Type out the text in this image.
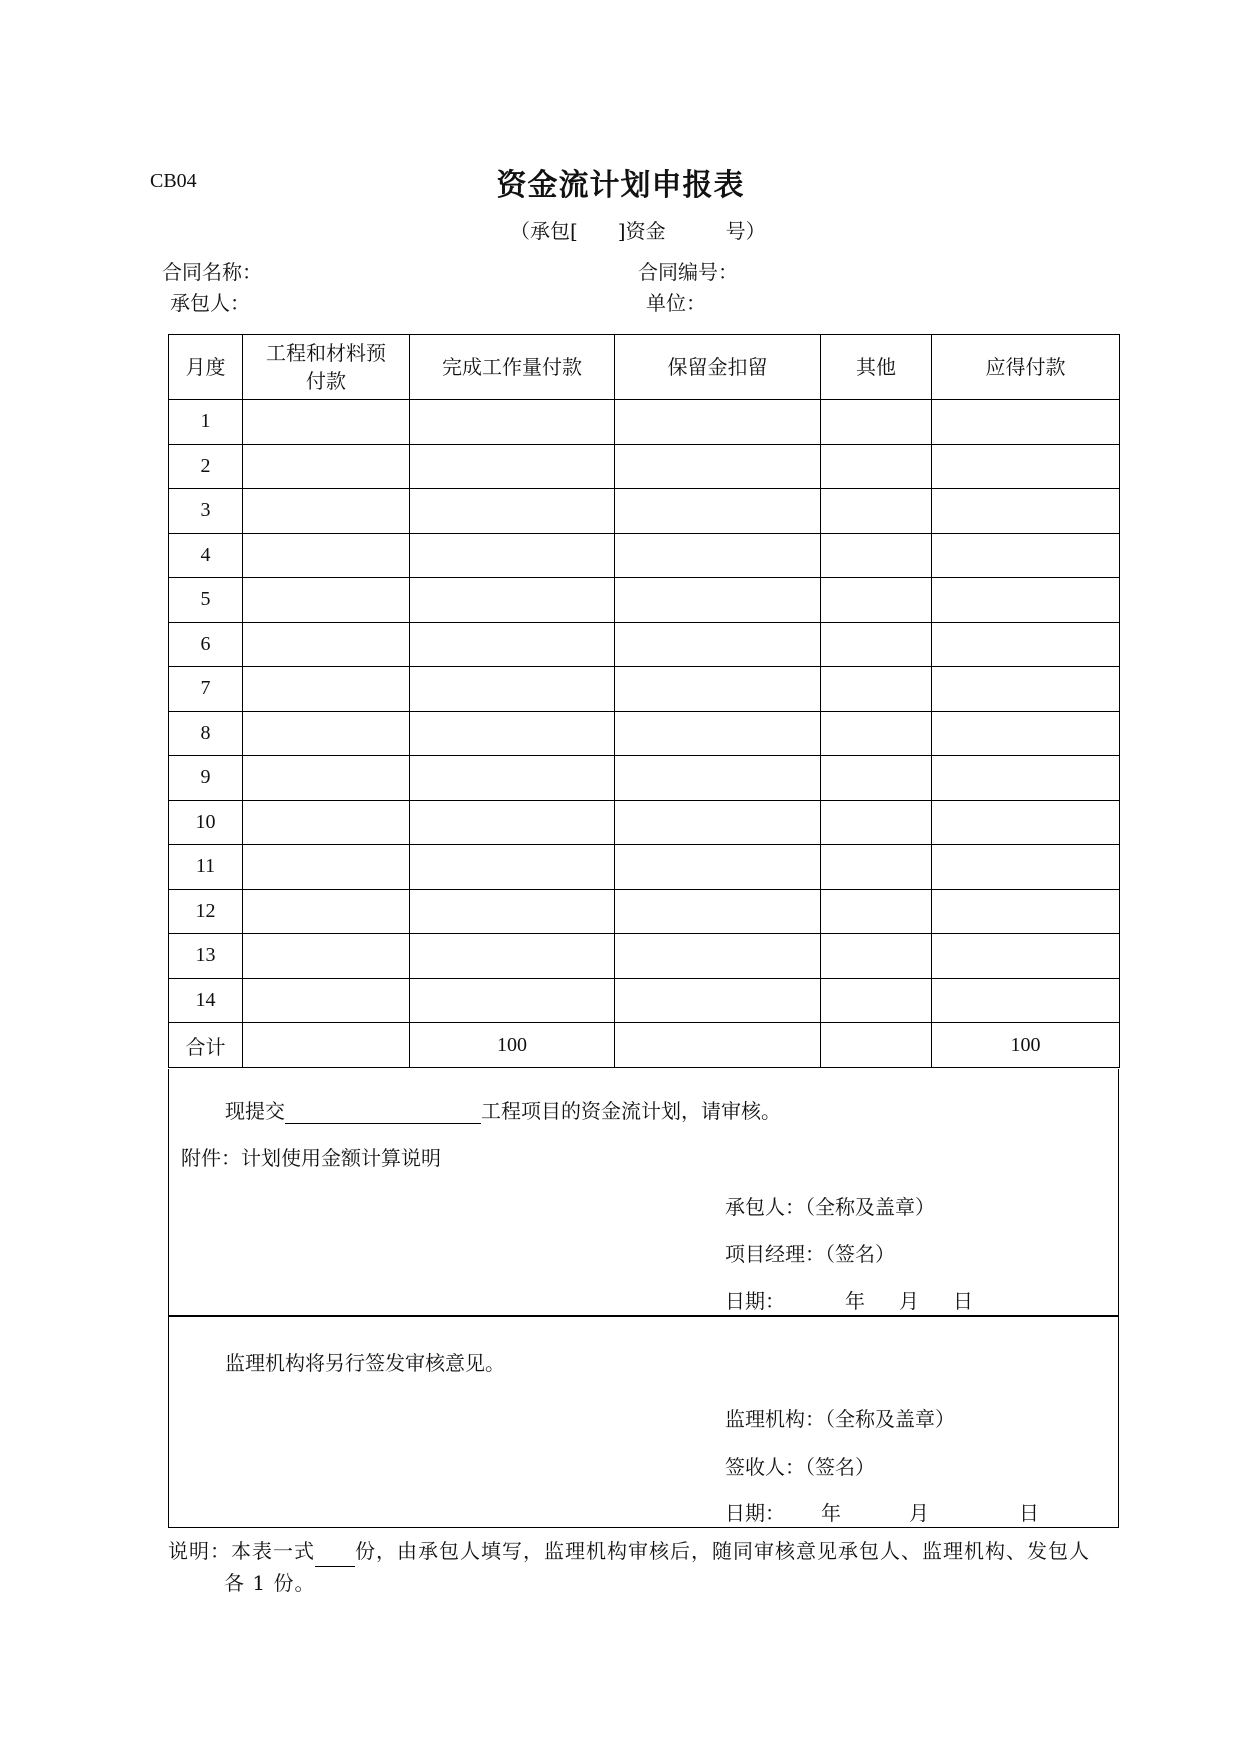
CB04	资金流计划申报表
（承包[　　]资金　　　号）
合同名称：	合同编号：
承包人：	单位：
月度	工程和材料预付款	完成工作量付款	保留金扣留	其他	应得付款
1					
2					
3					
4					
5					
6					
7					
8					
9					
10					
11					
12					
13					
14					
合计		100			100
现提交	工程项目的资金流计划，请审核。
附件：计划使用金额计算说明
承包人：（全称及盖章）
项目经理：（签名）
日期：	年 月 日
监理机构将另行签发审核意见。
监理机构：（全称及盖章）
签收人：（签名）
日期： 年	月	日
说明：本表一式 份，由承包人填写，监理机构审核后，随同审核意见承包人、监理机构、发包人
各 1 份。
